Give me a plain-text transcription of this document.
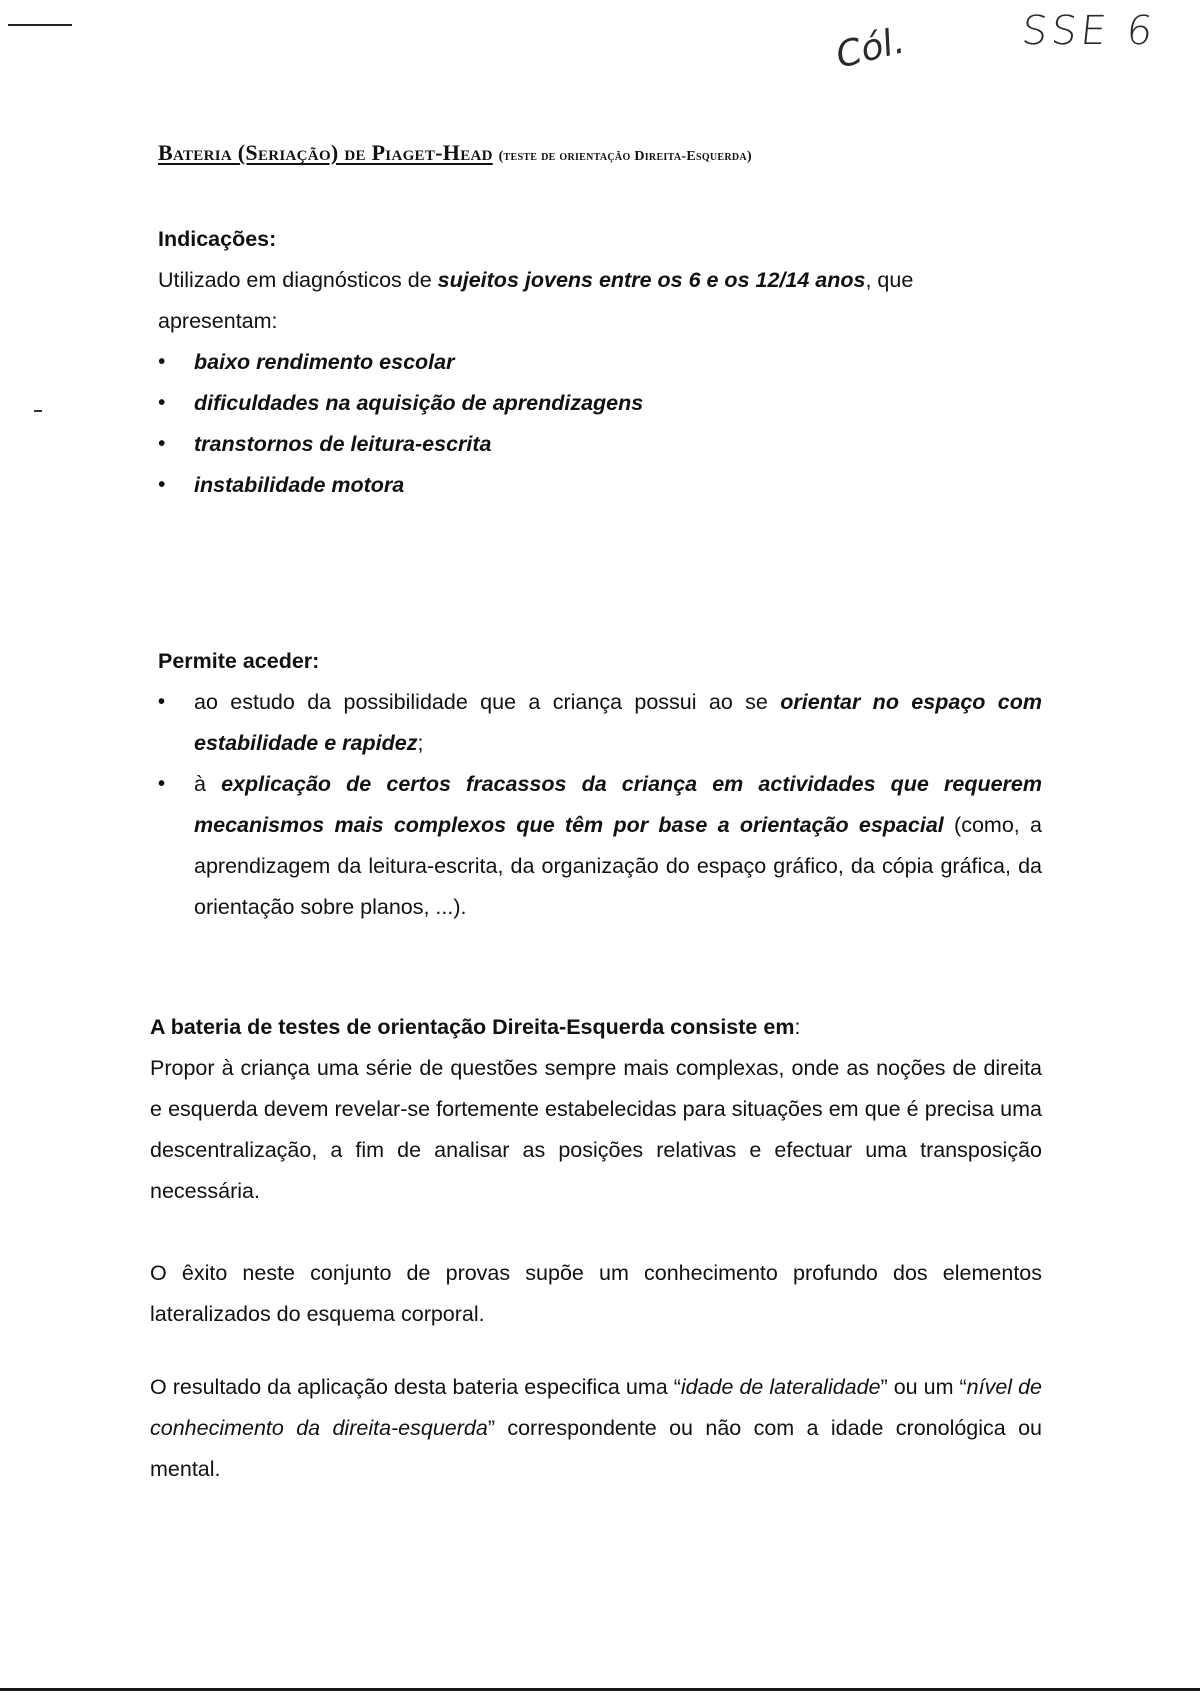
SSE 6
Cól.
Bateria (Seriação) de Piaget-Head (teste de orientação Direita-Esquerda)
Indicações:
Utilizado em diagnósticos de sujeitos jovens entre os 6 e os 12/14 anos, que apresentam:
• baixo rendimento escolar
• dificuldades na aquisição de aprendizagens
• transtornos de leitura-escrita
• instabilidade motora
Permite aceder:
• ao estudo da possibilidade que a criança possui ao se orientar no espaço com estabilidade e rapidez;
• à explicação de certos fracassos da criança em actividades que requerem mecanismos mais complexos que têm por base a orientação espacial (como, a aprendizagem da leitura-escrita, da organização do espaço gráfico, da cópia gráfica, da orientação sobre planos, ...).
A bateria de testes de orientação Direita-Esquerda consiste em:

Propor à criança uma série de questões sempre mais complexas, onde as noções de direita e esquerda devem revelar-se fortemente estabelecidas para situações em que é precisa uma descentralização, a fim de analisar as posições relativas e efectuar uma transposição necessária.

O êxito neste conjunto de provas supõe um conhecimento profundo dos elementos lateralizados do esquema corporal.

O resultado da aplicação desta bateria especifica uma “idade de lateralidade” ou um “nível de conhecimento da direita-esquerda” correspondente ou não com a idade cronológica ou mental.
